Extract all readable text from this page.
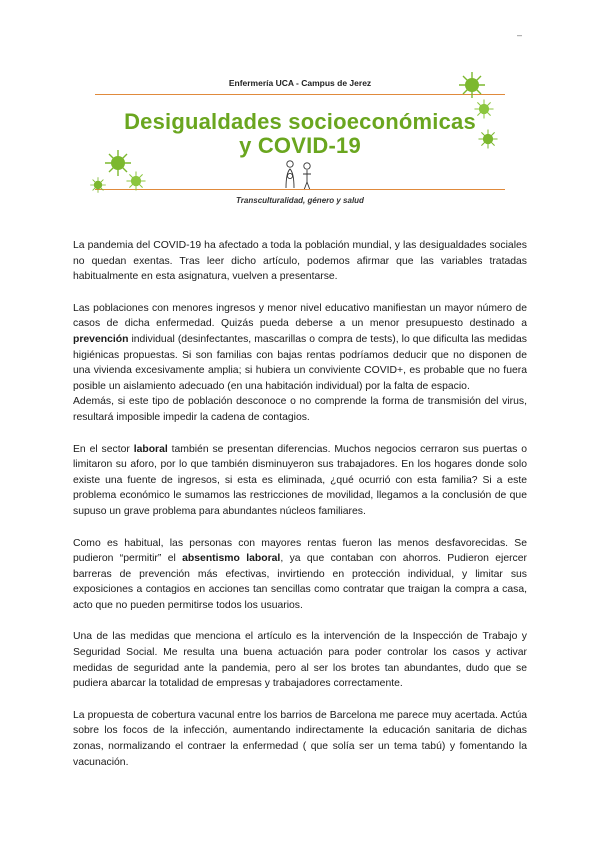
–
Enfermería UCA - Campus de Jerez
Desigualdades socioeconómicas
y COVID-19
Transculturalidad, género y salud

La pandemia del COVID-19 ha afectado a toda la población mundial, y las desigualdades sociales no quedan exentas. Tras leer dicho artículo, podemos afirmar que las variables tratadas habitualmente en esta asignatura, vuelven a presentarse.

Las poblaciones con menores ingresos y menor nivel educativo manifiestan un mayor número de casos de dicha enfermedad. Quizás pueda deberse a un menor presupuesto destinado a prevención individual (desinfectantes, mascarillas o compra de tests), lo que dificulta las medidas higiénicas propuestas. Si son familias con bajas rentas podríamos deducir que no disponen de una vivienda excesivamente amplia; si hubiera un conviviente COVID+, es probable que no fuera posible un aislamiento adecuado (en una habitación individual) por la falta de espacio.

Además, si este tipo de población desconoce o no comprende la forma de transmisión del virus, resultará imposible impedir la cadena de contagios.

En el sector laboral también se presentan diferencias. Muchos negocios cerraron sus puertas o limitaron su aforo, por lo que también disminuyeron sus trabajadores. En los hogares donde solo existe una fuente de ingresos, si esta es eliminada, ¿qué ocurrió con esta familia? Si a este problema económico le sumamos las restricciones de movilidad, llegamos a la conclusión de que supuso un grave problema para abundantes núcleos familiares.

Como es habitual, las personas con mayores rentas fueron las menos desfavorecidas. Se pudieron “permitir” el absentismo laboral, ya que contaban con ahorros. Pudieron ejercer barreras de prevención más efectivas, invirtiendo en protección individual, y limitar sus exposiciones a contagios en acciones tan sencillas como contratar que traigan la compra a casa, acto que no pueden permitirse todos los usuarios.

Una de las medidas que menciona el artículo es la intervención de la Inspección de Trabajo y Seguridad Social. Me resulta una buena actuación para poder controlar los casos y activar medidas de seguridad ante la pandemia, pero al ser los brotes tan abundantes, dudo que se pudiera abarcar la totalidad de empresas y trabajadores correctamente.

La propuesta de cobertura vacunal entre los barrios de Barcelona me parece muy acertada. Actúa sobre los focos de la infección, aumentando indirectamente la educación sanitaria de dichas zonas, normalizando el contraer la enfermedad ( que solía ser un tema tabú) y fomentando la vacunación.
